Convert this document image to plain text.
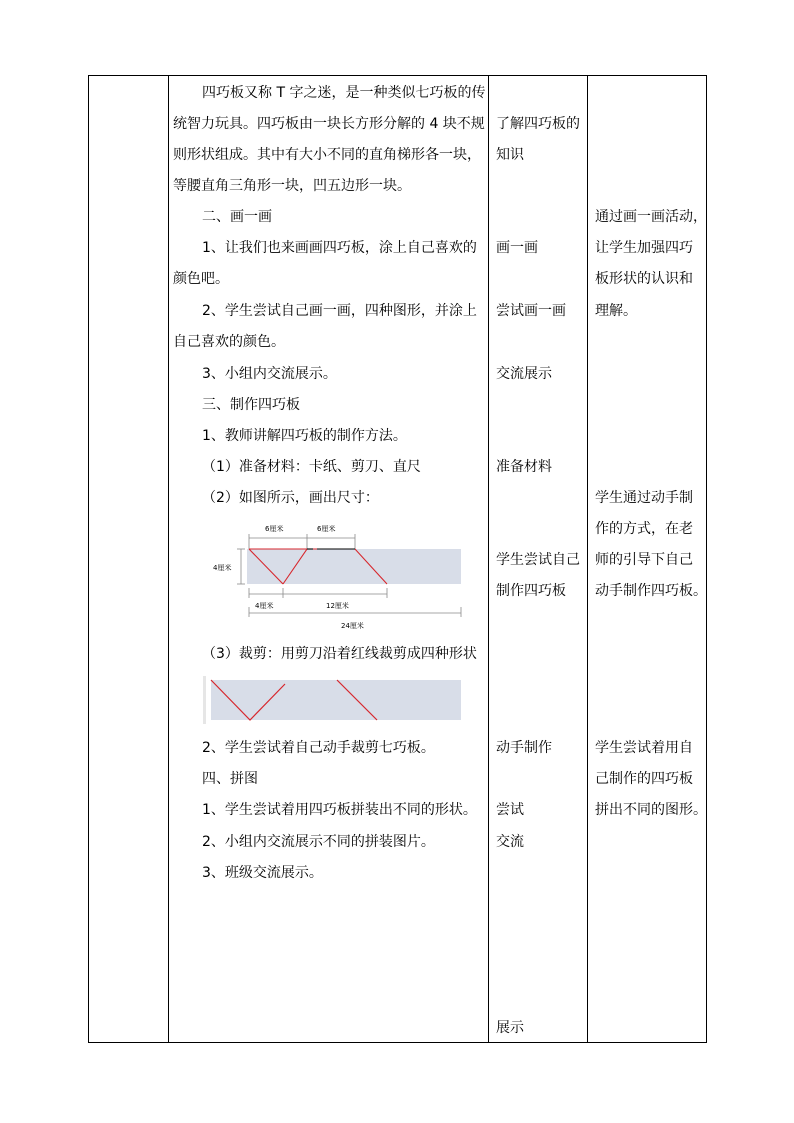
四巧板又称 T 字之迷，是一种类似七巧板的传
统智力玩具。四巧板由一块长方形分解的 4 块不规
则形状组成。其中有大小不同的直角梯形各一块，
等腰直角三角形一块，凹五边形一块。
二、画一画
1、让我们也来画画四巧板，涂上自己喜欢的
颜色吧。
2、学生尝试自己画一画，四种图形，并涂上
自己喜欢的颜色。
3、小组内交流展示。
三、制作四巧板
1、教师讲解四巧板的制作方法。
（1）准备材料：卡纸、剪刀、直尺
（2）如图所示，画出尺寸：
6厘米	6厘米
4厘米
4厘米	12厘米
24厘米
（3）裁剪：用剪刀沿着红线裁剪成四种形状
2、学生尝试着自己动手裁剪七巧板。
四、拼图
1、学生尝试着用四巧板拼装出不同的形状。
2、小组内交流展示不同的拼装图片。
3、班级交流展示。
了解四巧板的
知识
画一画
尝试画一画
交流展示
准备材料
学生尝试自己
制作四巧板
动手制作
尝试
交流
展示
通过画一画活动，
让学生加强四巧
板形状的认识和
理解。
学生通过动手制
作的方式，在老
师的引导下自己
动手制作四巧板。
学生尝试着用自
己制作的四巧板
拼出不同的图形。
